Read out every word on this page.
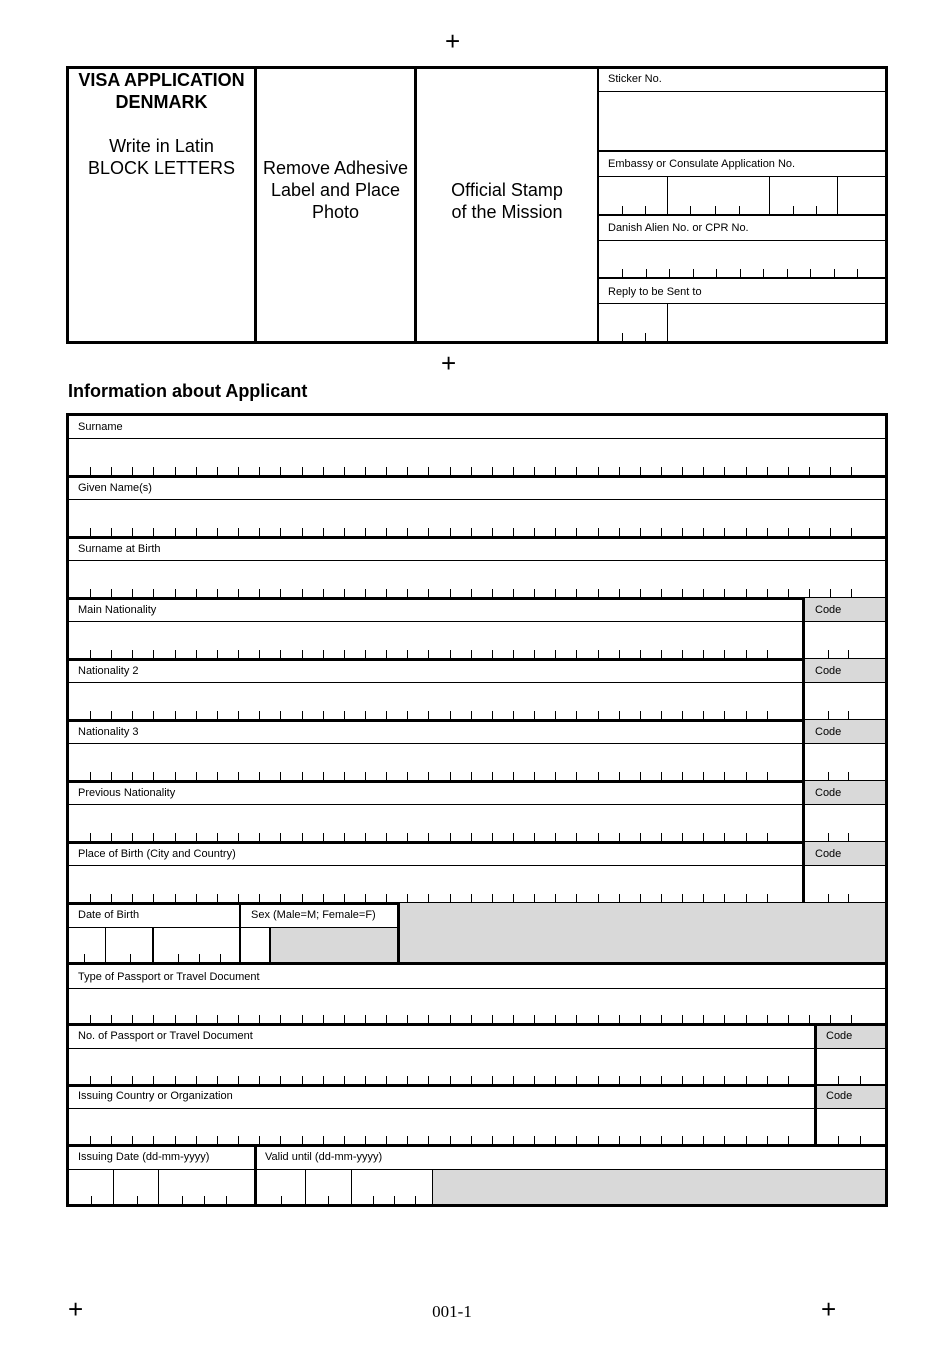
+
+
+	+
VISA APPLICATION
DENMARK
Write in Latin
BLOCK LETTERS	Remove Adhesive
Label and Place
Photo
Official Stamp
of the Mission
Sticker No.
Embassy or Consulate Application No.
Danish Alien No. or CPR No.
Reply to be Sent to
Information about Applicant
Surname
Given Name(s)
Surname at Birth
Main Nationality	Code
Nationality 2	Code
Nationality 3	Code
Previous Nationality	Code
Place of Birth (City and Country)	Code
Date of Birth	Sex (Male=M; Female=F)
Type of Passport or Travel Document
No. of Passport or Travel Document	Code
Issuing Country or Organization	Code
Issuing Date (dd-mm-yyyy)	Valid until (dd-mm-yyyy)
001-1
